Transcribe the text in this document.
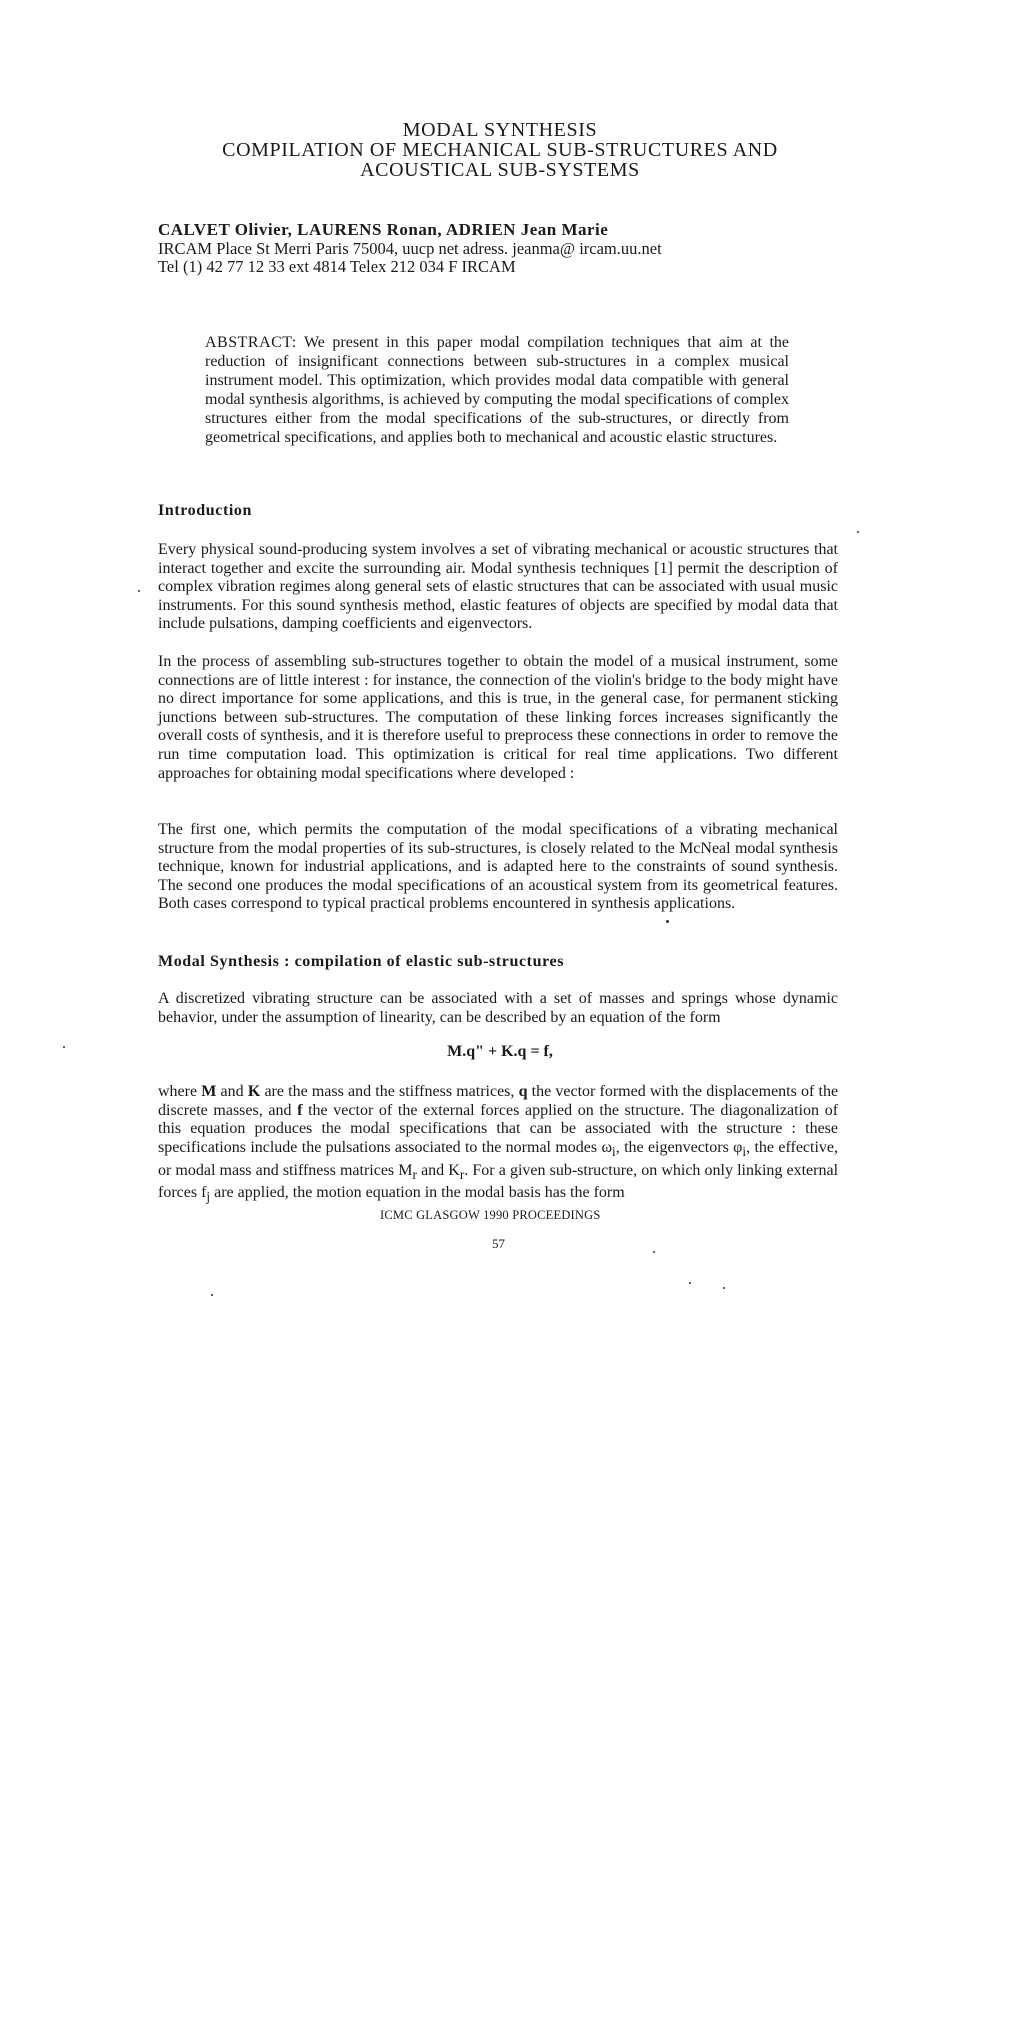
MODAL SYNTHESIS
COMPILATION OF MECHANICAL SUB-STRUCTURES AND
ACOUSTICAL SUB-SYSTEMS
CALVET Olivier, LAURENS Ronan, ADRIEN Jean Marie
IRCAM Place St Merri Paris 75004, uucp net adress. jeanma@ ircam.uu.net
Tel (1) 42 77 12 33 ext 4814 Telex 212 034 F IRCAM
ABSTRACT: We present in this paper modal compilation techniques that aim at the reduction of insignificant connections between sub-structures in a complex musical instrument model. This optimization, which provides modal data compatible with general modal synthesis algorithms, is achieved by computing the modal specifications of complex structures either from the modal specifications of the sub-structures, or directly from geometrical specifications, and applies both to mechanical and acoustic elastic structures.
Introduction
Every physical sound-producing system involves a set of vibrating mechanical or acoustic structures that interact together and excite the surrounding air. Modal synthesis techniques [1] permit the description of complex vibration regimes along general sets of elastic structures that can be associated with usual music instruments. For this sound synthesis method, elastic features of objects are specified by modal data that include pulsations, damping coefficients and eigenvectors.
In the process of assembling sub-structures together to obtain the model of a musical instrument, some connections are of little interest : for instance, the connection of the violin's bridge to the body might have no direct importance for some applications, and this is true, in the general case, for permanent sticking junctions between sub-structures. The computation of these linking forces increases significantly the overall costs of synthesis, and it is therefore useful to preprocess these connections in order to remove the run time computation load. This optimization is critical for real time applications. Two different approaches for obtaining modal specifications where developed :
The first one, which permits the computation of the modal specifications of a vibrating mechanical structure from the modal properties of its sub-structures, is closely related to the McNeal modal synthesis technique, known for industrial applications, and is adapted here to the constraints of sound synthesis. The second one produces the modal specifications of an acoustical system from its geometrical features. Both cases correspond to typical practical problems encountered in synthesis applications.
Modal Synthesis : compilation of elastic sub-structures
A discretized vibrating structure can be associated with a set of masses and springs whose dynamic behavior, under the assumption of linearity, can be described by an equation of the form
M.q" + K.q = f,
where M and K are the mass and the stiffness matrices, q the vector formed with the displacements of the discrete masses, and f the vector of the external forces applied on the structure. The diagonalization of this equation produces the modal specifications that can be associated with the structure : these specifications include the pulsations associated to the normal modes $\omega_i$, the eigenvectors $\varphi_i$, the effective, or modal mass and stiffness matrices $M_r$ and $K_r$. For a given sub-structure, on which only linking external forces $f_j$ are applied, the motion equation in the modal basis has the form
ICMC GLASGOW 1990 PROCEEDINGS
57
